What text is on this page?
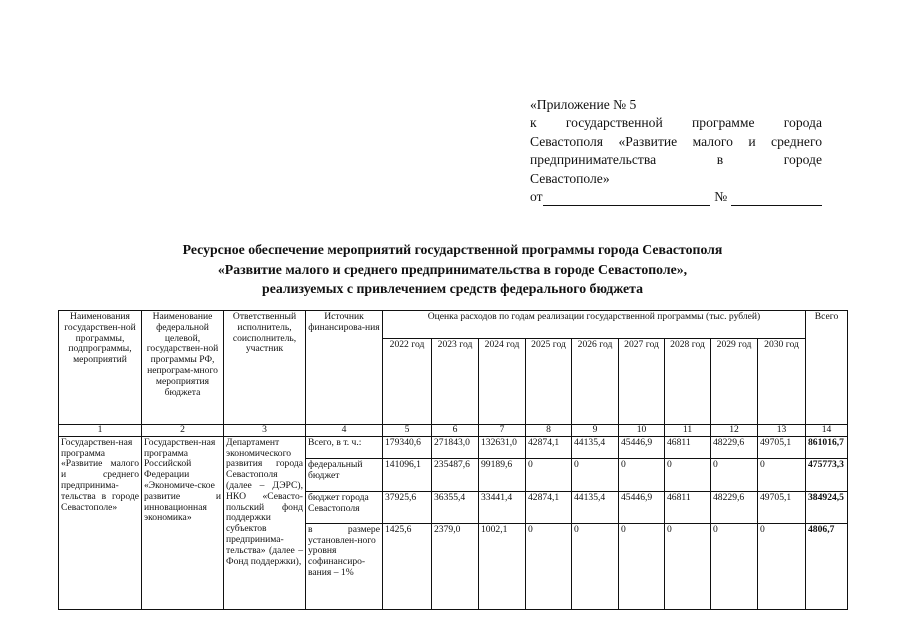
«Приложение № 5
к государственной программе города
Севастополя «Развитие малого и среднего
предпринимательства в городе
Севастополе»
от	№
Ресурсное обеспечение мероприятий государственной программы города Севастополя
«Развитие малого и среднего предпринимательства в городе Севастополе»,
реализуемых с привлечением средств федерального бюджета
Наименования государствен-ной программы, подпрограммы, мероприятий	Наименование федеральной целевой, государствен-ной программы РФ, непрограм-много мероприятия бюджета	Ответственный исполнитель, соисполнитель, участник	Источник финансирова-ния	Оценка расходов по годам реализации государственной программы (тыс. рублей)									Всего
				2022 год	2023 год	2024 год	2025 год	2026 год	2027 год	2028 год	2029 год	2030 год	
1	2	3	4	5	6	7	8	9	10	11	12	13	14
Государствен-ная программа «Развитие малого и среднего предпринима-тельства в городе Севастополе»	Государствен-ная программа Российской Федерации «Экономиче-ское развитие и инновационная экономика»	Департамент экономического развития города Севастополя (далее – ДЭРС), НКО «Севасто-польский фонд поддержки субъектов предпринима-тельства» (далее – Фонд поддержки),	Всего, в т. ч.:	179340,6	271843,0	132631,0	42874,1	44135,4	45446,9	46811	48229,6	49705,1	861016,7
			федеральный бюджет	141096,1	235487,6	99189,6	0	0	0	0	0	0	475773,3
			бюджет города Севастополя	37925,6	36355,4	33441,4	42874,1	44135,4	45446,9	46811	48229,6	49705,1	384924,5
			в размере установлен-ного уровня софинансиро-вания – 1%	1425,6	2379,0	1002,1	0	0	0	0	0	0	4806,7
